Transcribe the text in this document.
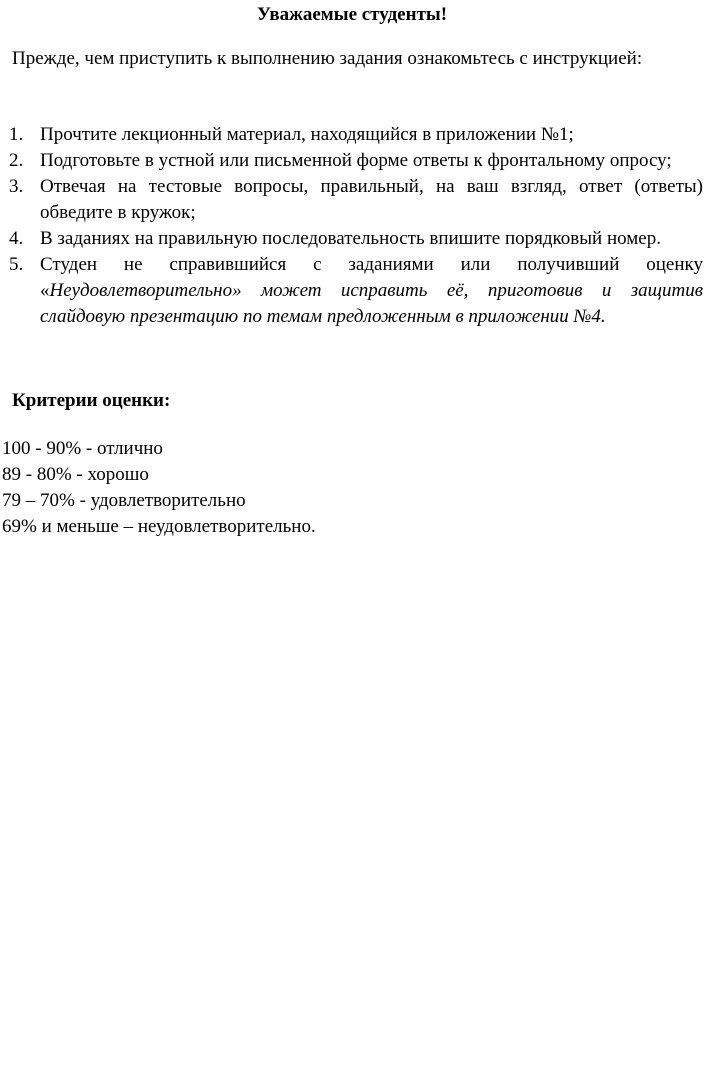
Уважаемые студенты!
Прежде, чем приступить к выполнению задания ознакомьтесь с инструкцией:
1. Прочтите лекционный материал, находящийся в приложении №1;
2. Подготовьте в устной или письменной форме ответы к фронтальному опросу;
3. Отвечая на тестовые вопросы, правильный, на ваш взгляд, ответ (ответы) обведите в кружок;
4. В заданиях на правильную последовательность впишите порядковый номер.
5. Студен не справившийся с заданиями или получивший оценку «Неудовлетворительно» может исправить её, приготовив и защитив слайдовую презентацию по темам предложенным в приложении №4.
Критерии оценки:
100 - 90% - отлично
89 - 80% - хорошо
79 – 70% - удовлетворительно
69% и меньше – неудовлетворительно.
